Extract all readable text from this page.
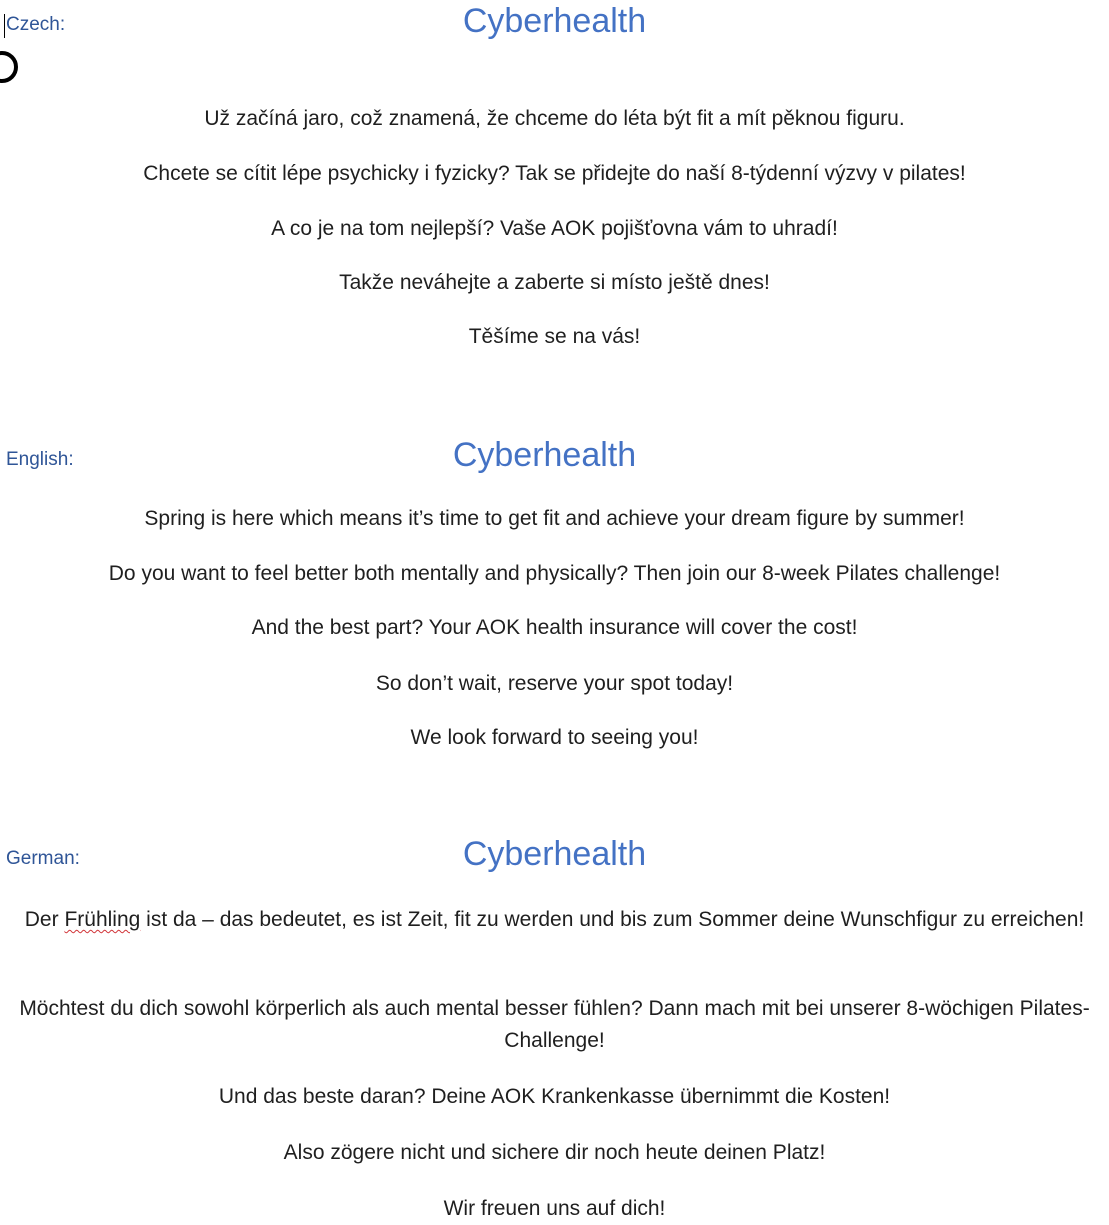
Czech:	Cyberhealth
Už začíná jaro, což znamená, že chceme do léta být fit a mít pěknou figuru.
Chcete se cítit lépe psychicky i fyzicky? Tak se přidejte do naší 8-týdenní výzvy v pilates!
A co je na tom nejlepší? Vaše AOK pojišťovna vám to uhradí!
Takže neváhejte a zaberte si místo ještě dnes!
Těšíme se na vás!
English:	Cyberhealth
Spring is here which means it’s time to get fit and achieve your dream figure by summer!
Do you want to feel better both mentally and physically? Then join our 8-week Pilates challenge!
And the best part? Your AOK health insurance will cover the cost!
So don’t wait, reserve your spot today!
We look forward to seeing you!
German:	Cyberhealth
Der Frühling ist da – das bedeutet, es ist Zeit, fit zu werden und bis zum Sommer deine Wunschfigur zu erreichen!
Möchtest du dich sowohl körperlich als auch mental besser fühlen? Dann mach mit bei unserer 8-wöchigen Pilates-Challenge!
Und das beste daran? Deine AOK Krankenkasse übernimmt die Kosten!
Also zögere nicht und sichere dir noch heute deinen Platz!
Wir freuen uns auf dich!
